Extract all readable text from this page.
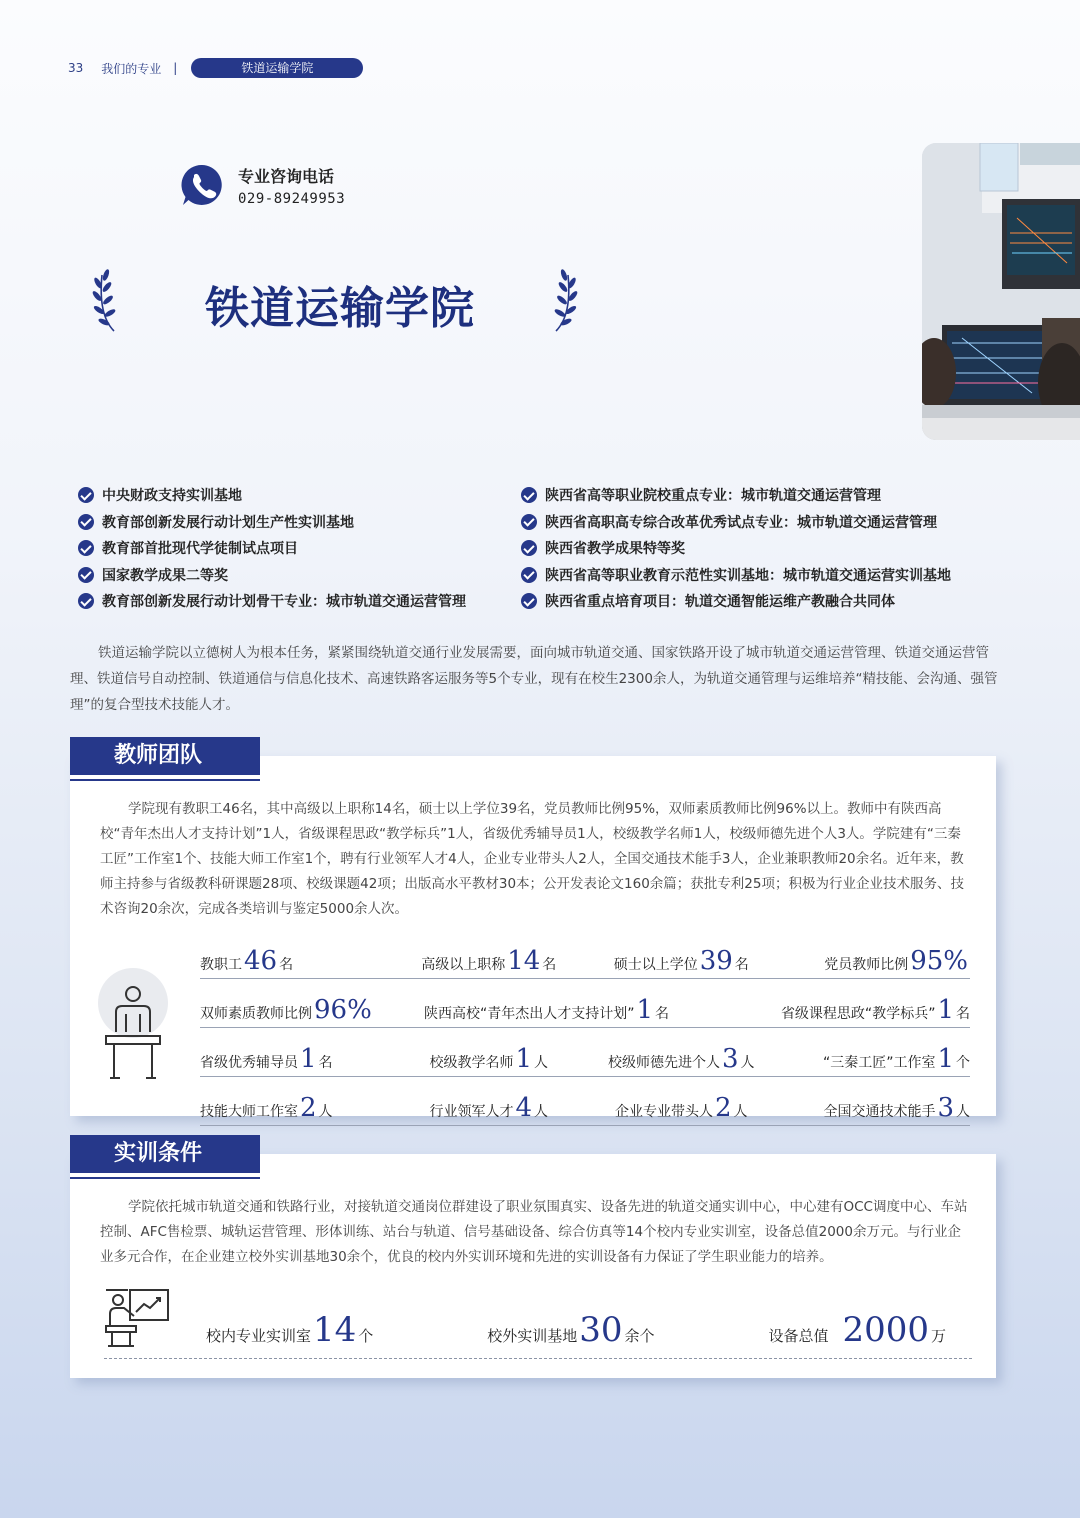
33 我们的专业 |	铁道运输学院
专业咨询电话
029-89249953
铁道运输学院
中央财政支持实训基地
教育部创新发展行动计划生产性实训基地
教育部首批现代学徒制试点项目
国家教学成果二等奖
教育部创新发展行动计划骨干专业：城市轨道交通运营管理
陕西省高等职业院校重点专业：城市轨道交通运营管理
陕西省高职高专综合改革优秀试点专业：城市轨道交通运营管理
陕西省教学成果特等奖
陕西省高等职业教育示范性实训基地：城市轨道交通运营实训基地
陕西省重点培育项目：轨道交通智能运维产教融合共同体

铁道运输学院以立德树人为根本任务，紧紧围绕轨道交通行业发展需要，面向城市轨道交通、国家铁路开设了城市轨道交通运营管理、铁道交通运营管理、铁道信号自动控制、铁道通信与信息化技术、高速铁路客运服务等5个专业，现有在校生2300余人，为轨道交通管理与运维培养“精技能、会沟通、强管理”的复合型技术技能人才。

教师团队

学院现有教职工46名，其中高级以上职称14名，硕士以上学位39名，党员教师比例95%，双师素质教师比例96%以上。教师中有陕西高校“青年杰出人才支持计划”1人，省级课程思政“教学标兵”1人，省级优秀辅导员1人，校级教学名师1人，校级师德先进个人3人。学院建有“三秦工匠”工作室1个、技能大师工作室1个，聘有行业领军人才4人，企业专业带头人2人，全国交通技术能手3人，企业兼职教师20余名。近年来，教师主持参与省级教科研课题28项、校级课题42项；出版高水平教材30本；公开发表论文160余篇；获批专利25项；积极为行业企业技术服务、技术咨询20余次，完成各类培训与鉴定5000余人次。

教职工 46 名	高级以上职称 14 名	硕士以上学位 39 名	党员教师比例 95%
双师素质教师比例 96%	陕西高校“青年杰出人才支持计划” 1 名	省级课程思政“教学标兵” 1 名
省级优秀辅导员 1 名	校级教学名师 1 人	校级师德先进个人 3 人	“三秦工匠”工作室 1 个
技能大师工作室 2 人	行业领军人才 4 人	企业专业带头人 2 人	全国交通技术能手 3 人
实训条件

学院依托城市轨道交通和铁路行业，对接轨道交通岗位群建设了职业氛围真实、设备先进的轨道交通实训中心，中心建有OCC调度中心、车站控制、AFC售检票、城轨运营管理、形体训练、站台与轨道、信号基础设备、综合仿真等14个校内专业实训室，设备总值2000余万元。与行业企业多元合作，在企业建立校外实训基地30余个，优良的校内外实训环境和先进的实训设备有力保证了学生职业能力的培养。

校内专业实训室 14 个	校外实训基地 30 余个	设备总值 2000 万
